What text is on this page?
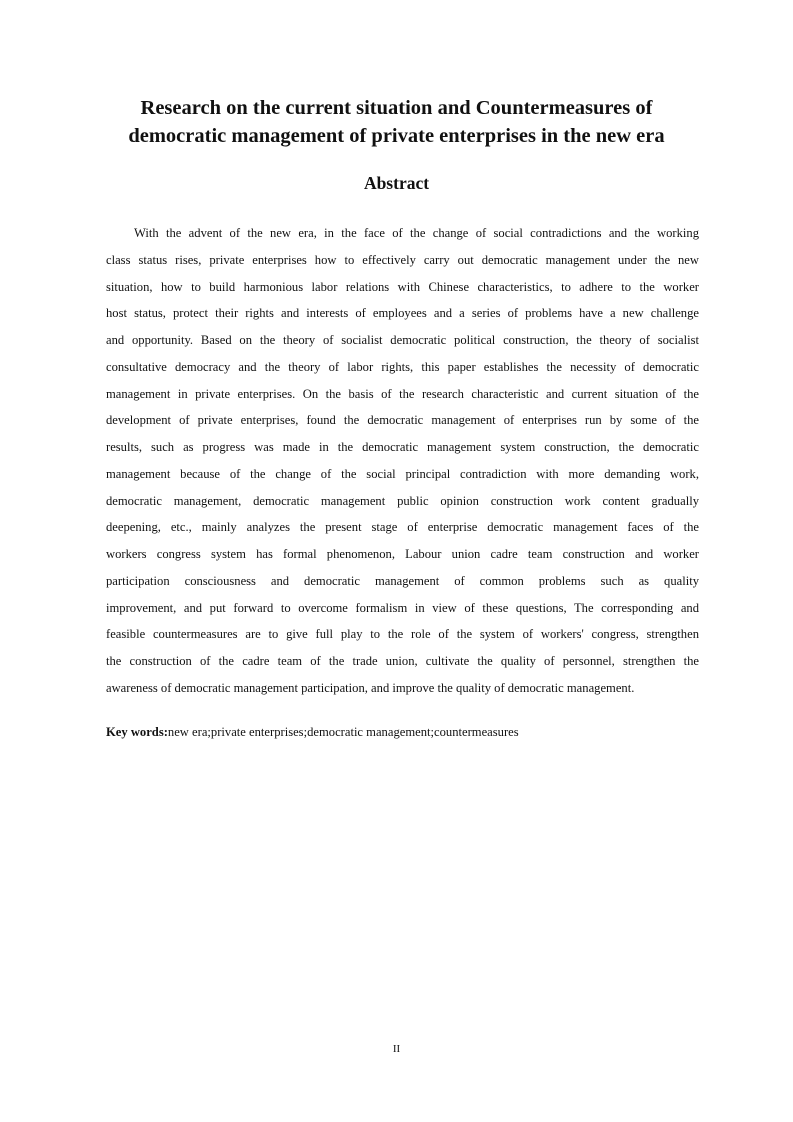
Research on the current situation and Countermeasures of
democratic management of private enterprises in the new era
Abstract
With the advent of the new era, in the face of the change of social contradictions and the working
class status rises, private enterprises how to effectively carry out democratic management under the new
situation, how to build harmonious labor relations with Chinese characteristics, to adhere to the worker
host status, protect their rights and interests of employees and a series of problems have a new challenge
and opportunity. Based on the theory of socialist democratic political construction, the theory of socialist
consultative democracy and the theory of labor rights, this paper establishes the necessity of democratic
management in private enterprises. On the basis of the research characteristic and current situation of the
development of private enterprises, found the democratic management of enterprises run by some of the
results, such as progress was made in the democratic management system construction, the democratic
management because of the change of the social principal contradiction with more demanding work,
democratic management, democratic management public opinion construction work content gradually
deepening, etc., mainly analyzes the present stage of enterprise democratic management faces of the
workers congress system has formal phenomenon, Labour union cadre team construction and worker
participation consciousness and democratic management of common problems such as quality
improvement, and put forward to overcome formalism in view of these questions, The corresponding and
feasible countermeasures are to give full play to the role of the system of workers' congress, strengthen
the construction of the cadre team of the trade union, cultivate the quality of personnel, strengthen the
awareness of democratic management participation, and improve the quality of democratic management.
Key words:new era;private enterprises;democratic management;countermeasures
II
